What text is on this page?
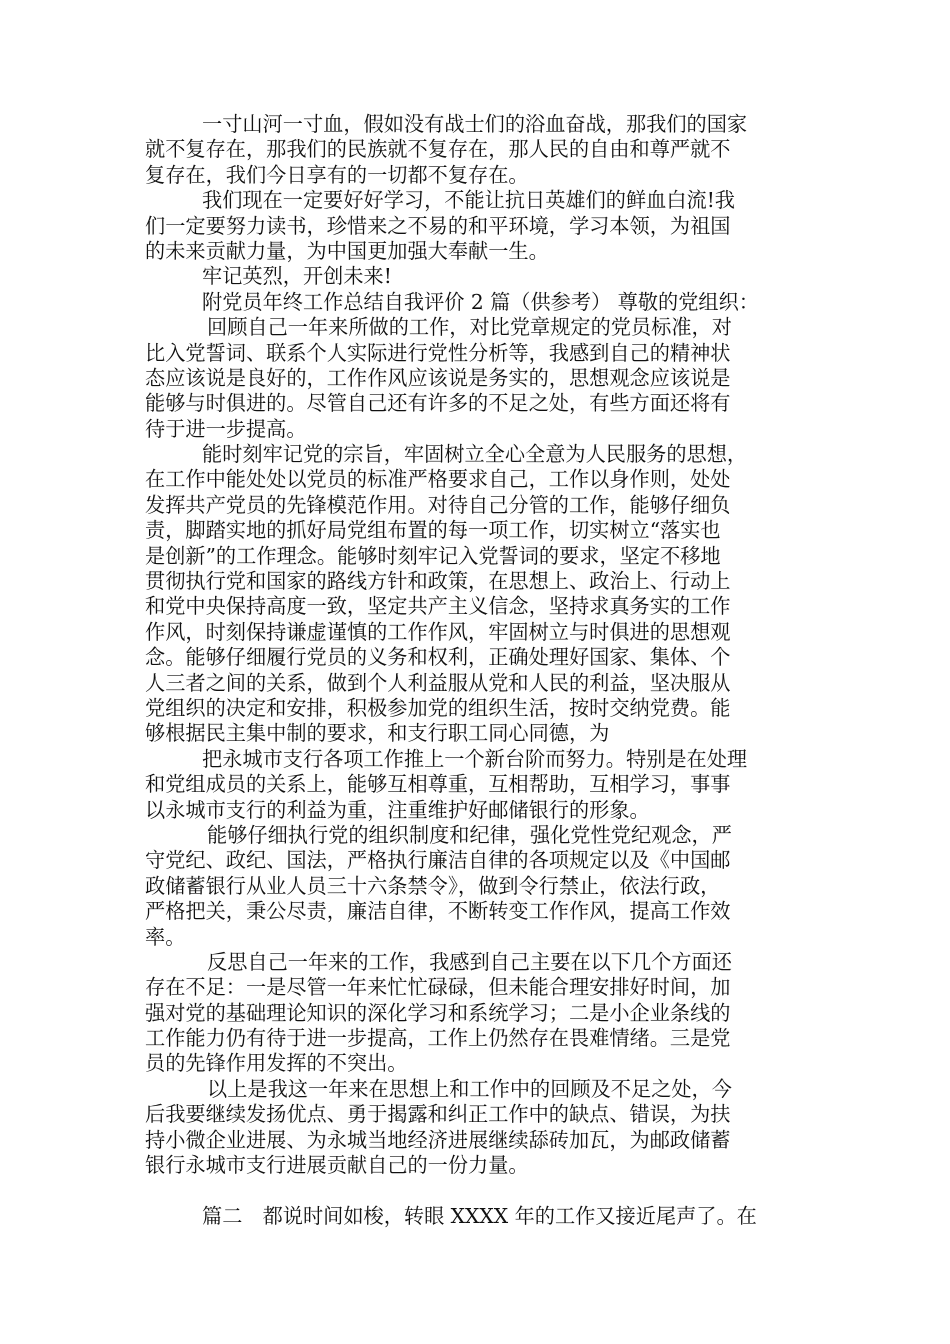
一寸山河一寸血，假如没有战士们的浴血奋战，那我们的国家
就不复存在，那我们的民族就不复存在，那人民的自由和尊严就不
复存在，我们今日享有的一切都不复存在。
我们现在一定要好好学习，不能让抗日英雄们的鲜血白流!我
们一定要努力读书，珍惜来之不易的和平环境，学习本领，为祖国
的未来贡献力量，为中国更加强大奉献一生。
牢记英烈，开创未来!
附党员年终工作总结自我评价 2 篇（供参考） 尊敬的党组织：
回顾自己一年来所做的工作，对比党章规定的党员标准，对
比入党誓词、联系个人实际进行党性分析等，我感到自己的精神状
态应该说是良好的，工作作风应该说是务实的，思想观念应该说是
能够与时俱进的。尽管自己还有许多的不足之处，有些方面还将有
待于进一步提高。
能时刻牢记党的宗旨，牢固树立全心全意为人民服务的思想，
在工作中能处处以党员的标准严格要求自己，工作以身作则，处处
发挥共产党员的先锋模范作用。对待自己分管的工作，能够仔细负
责，脚踏实地的抓好局党组布置的每一项工作，切实树立“落实也
是创新”的工作理念。能够时刻牢记入党誓词的要求，坚定不移地
贯彻执行党和国家的路线方针和政策，在思想上、政治上、行动上
和党中央保持高度一致，坚定共产主义信念，坚持求真务实的工作
作风，时刻保持谦虚谨慎的工作作风，牢固树立与时俱进的思想观
念。能够仔细履行党员的义务和权利，正确处理好国家、集体、个
人三者之间的关系，做到个人利益服从党和人民的利益，坚决服从
党组织的决定和安排，积极参加党的组织生活，按时交纳党费。能
够根据民主集中制的要求，和支行职工同心同德，为
把永城市支行各项工作推上一个新台阶而努力。特别是在处理
和党组成员的关系上，能够互相尊重，互相帮助，互相学习，事事
以永城市支行的利益为重，注重维护好邮储银行的形象。
能够仔细执行党的组织制度和纪律，强化党性党纪观念，严
守党纪、政纪、国法，严格执行廉洁自律的各项规定以及《中国邮
政储蓄银行从业人员三十六条禁令》，做到令行禁止，依法行政，
严格把关，秉公尽责，廉洁自律，不断转变工作作风，提高工作效
率。
反思自己一年来的工作，我感到自己主要在以下几个方面还
存在不足：一是尽管一年来忙忙碌碌，但未能合理安排好时间，加
强对党的基础理论知识的深化学习和系统学习；二是小企业条线的
工作能力仍有待于进一步提高，工作上仍然存在畏难情绪。三是党
员的先锋作用发挥的不突出。
以上是我这一年来在思想上和工作中的回顾及不足之处，今
后我要继续发扬优点、勇于揭露和纠正工作中的缺点、错误，为扶
持小微企业进展、为永城当地经济进展继续舔砖加瓦，为邮政储蓄
银行永城市支行进展贡献自己的一份力量。
篇二　都说时间如梭，转眼 XXXX 年的工作又接近尾声了。在
